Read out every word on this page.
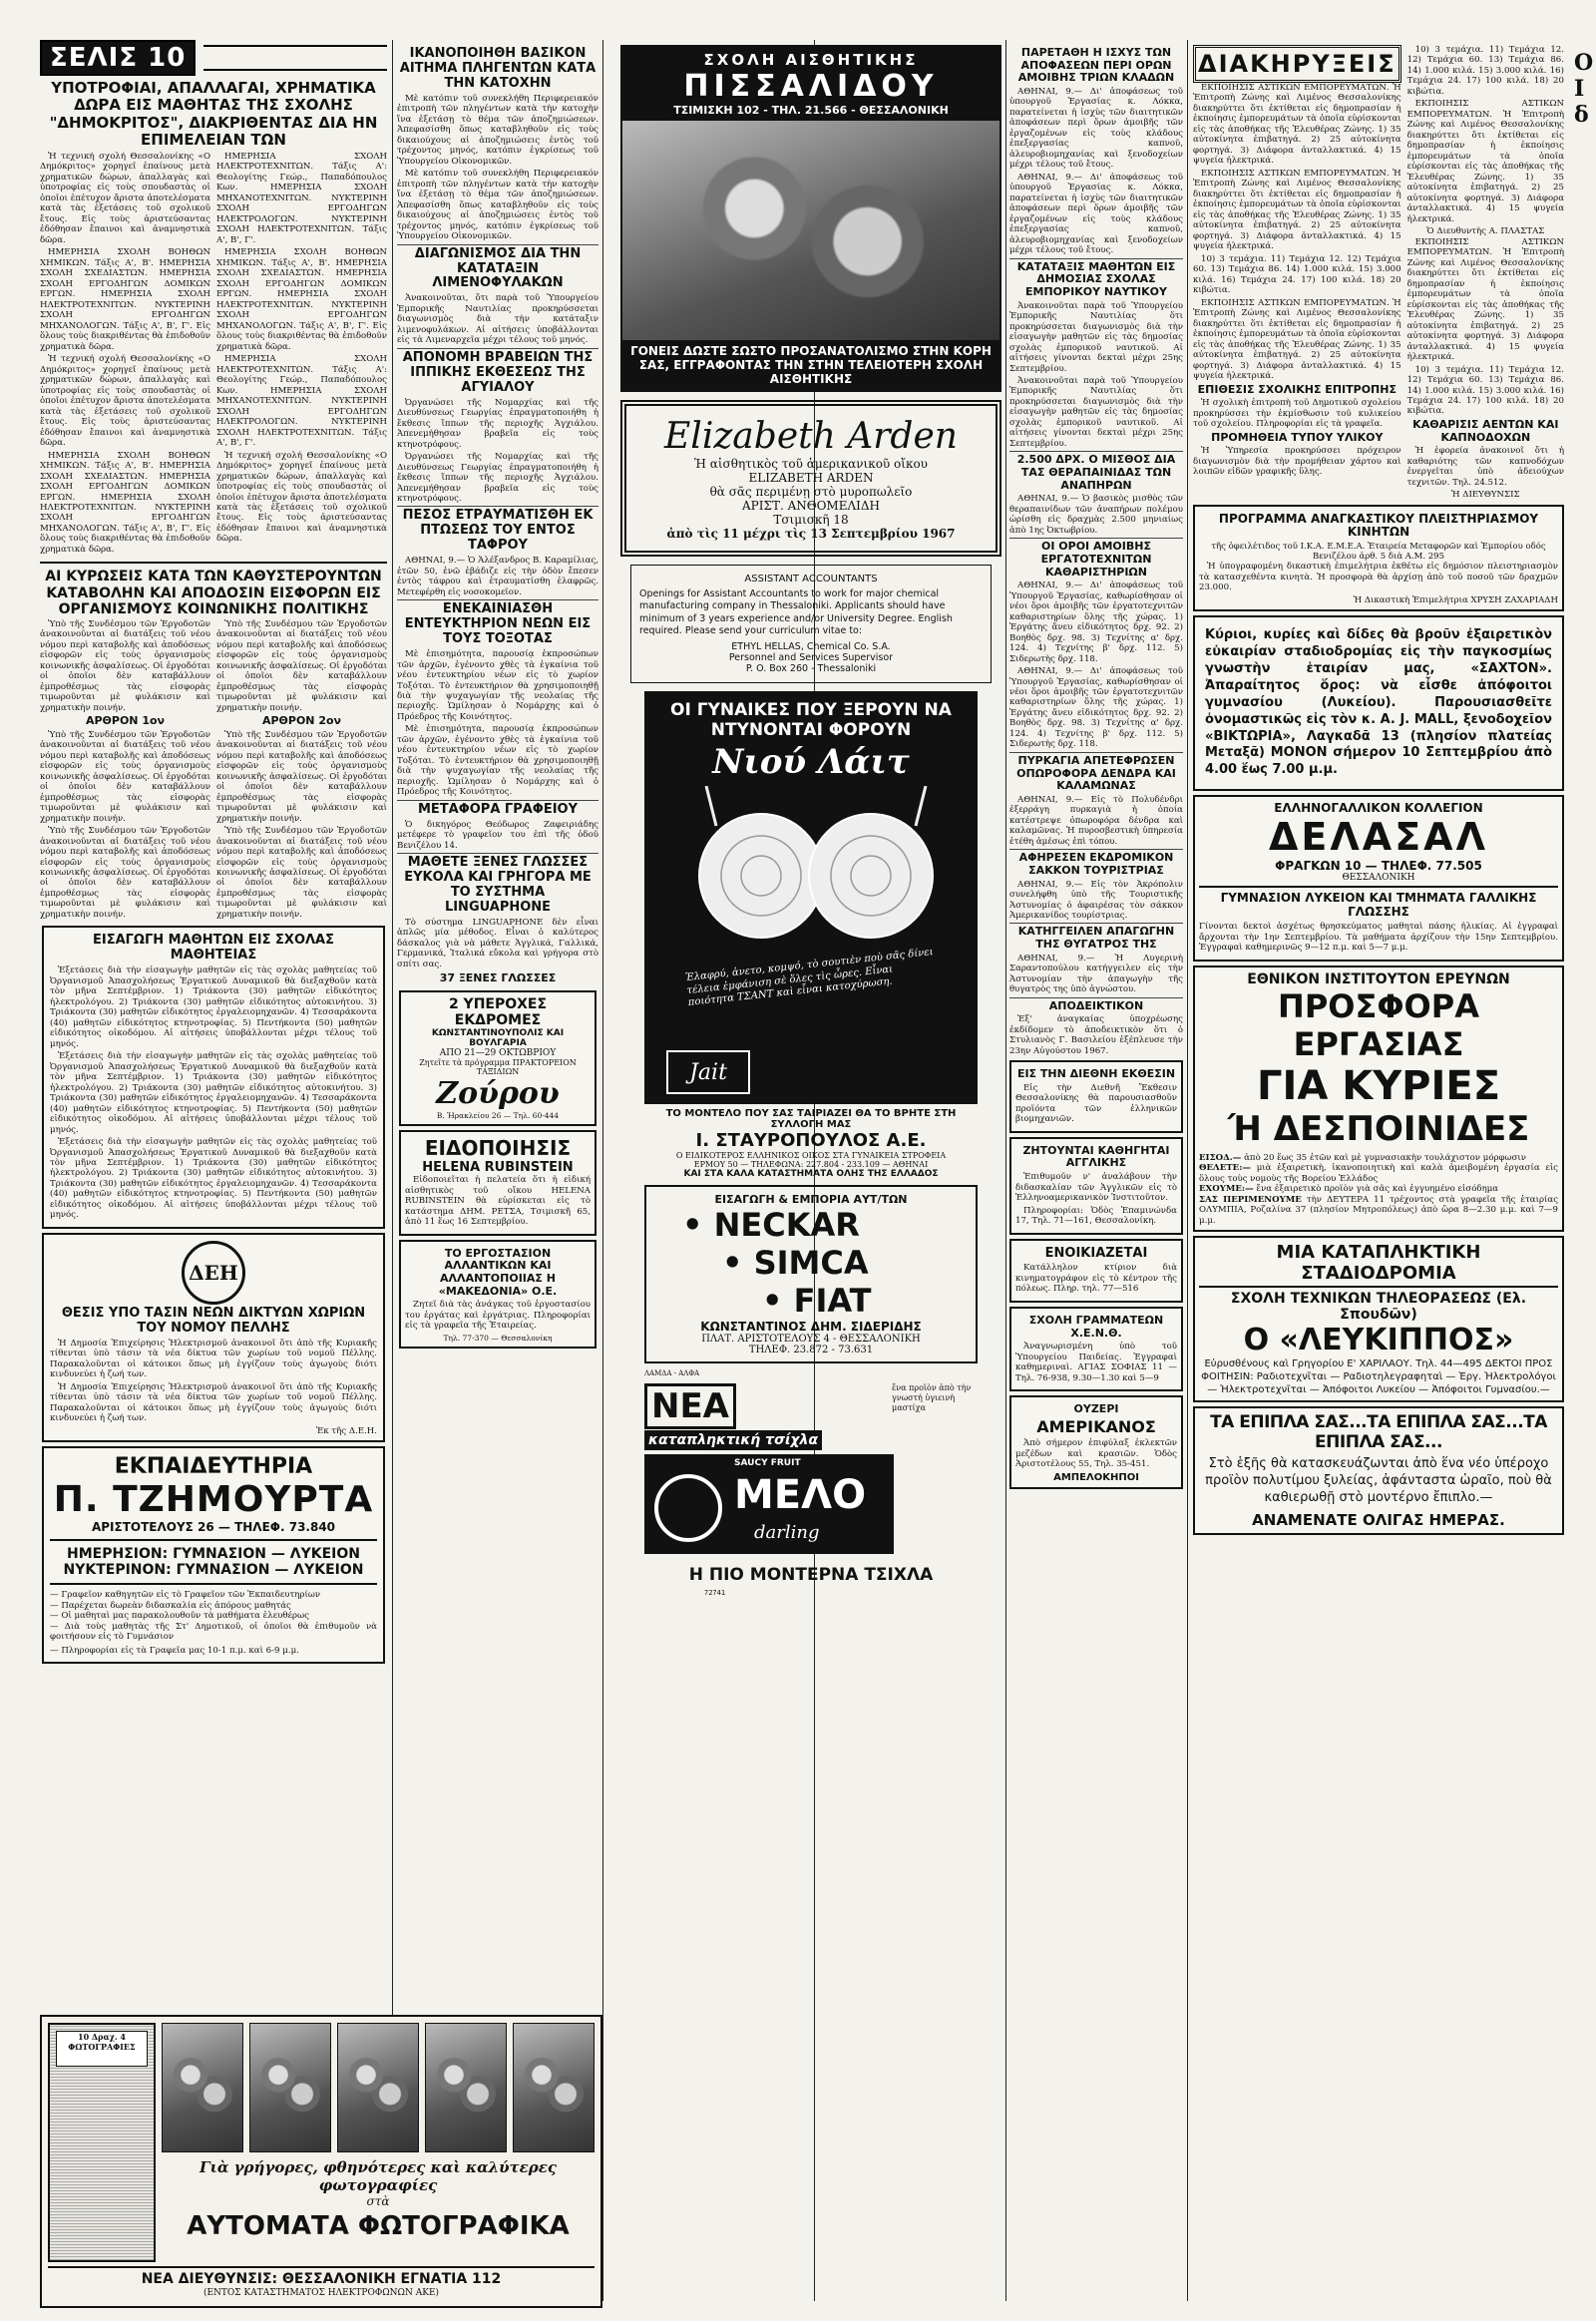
Ο Ι δ
ΣΕΛΙΣ 10
ΥΠΟΤΡΟΦΙΑΙ, ΑΠΑΛΛΑΓΑΙ, ΧΡΗΜΑΤΙΚΑ ΔΩΡΑ ΕΙΣ ΜΑΘΗΤΑΣ ΤΗΣ ΣΧΟΛΗΣ "ΔΗΜΟΚΡΙΤΟΣ", ΔΙΑΚΡΙΘΕΝΤΑΣ ΔΙΑ ΗΝ ΕΠΙΜΕΛΕΙΑΝ ΤΩΝ

Ἡ τεχνική σχολή Θεσσαλονίκης «Ο Δημόκριτος» χορηγεῖ ἐπαίνους μετὰ χρηματικῶν δώρων, ἀπαλλαγὰς καὶ ὑποτροφίας εἰς τοὺς σπουδαστὰς οἱ ὁποῖοι ἐπέτυχον ἄριστα ἀποτελέσματα κατὰ τὰς ἐξετάσεις τοῦ σχολικοῦ ἔτους. Εἰς τοὺς ἀριστεύσαντας ἐδόθησαν ἔπαινοι καὶ ἀναμνηστικὰ δῶρα.

ΗΜΕΡΗΣΙΑ ΣΧΟΛΗ ΒΟΗΘΩΝ ΧΗΜΙΚΩΝ. Τάξις Α', Β'. ΗΜΕΡΗΣΙΑ ΣΧΟΛΗ ΣΧΕΔΙΑΣΤΩΝ. ΗΜΕΡΗΣΙΑ ΣΧΟΛΗ ΕΡΓΟΔΗΓΩΝ ΔΟΜΙΚΩΝ ΕΡΓΩΝ. ΗΜΕΡΗΣΙΑ ΣΧΟΛΗ ΗΛΕΚΤΡΟΤΕΧΝΙΤΩΝ. ΝΥΚΤΕΡΙΝΗ ΣΧΟΛΗ ΕΡΓΟΔΗΓΩΝ ΜΗΧΑΝΟΛΟΓΩΝ. Τάξις Α', Β', Γ'. Εἰς ὅλους τοὺς διακριθέντας θὰ ἐπιδοθοῦν χρηματικὰ δῶρα.

Ἡ τεχνική σχολή Θεσσαλονίκης «Ο Δημόκριτος» χορηγεῖ ἐπαίνους μετὰ χρηματικῶν δώρων, ἀπαλλαγὰς καὶ ὑποτροφίας εἰς τοὺς σπουδαστὰς οἱ ὁποῖοι ἐπέτυχον ἄριστα ἀποτελέσματα κατὰ τὰς ἐξετάσεις τοῦ σχολικοῦ ἔτους. Εἰς τοὺς ἀριστεύσαντας ἐδόθησαν ἔπαινοι καὶ ἀναμνηστικὰ δῶρα.

ΗΜΕΡΗΣΙΑ ΣΧΟΛΗ ΒΟΗΘΩΝ ΧΗΜΙΚΩΝ. Τάξις Α', Β'. ΗΜΕΡΗΣΙΑ ΣΧΟΛΗ ΣΧΕΔΙΑΣΤΩΝ. ΗΜΕΡΗΣΙΑ ΣΧΟΛΗ ΕΡΓΟΔΗΓΩΝ ΔΟΜΙΚΩΝ ΕΡΓΩΝ. ΗΜΕΡΗΣΙΑ ΣΧΟΛΗ ΗΛΕΚΤΡΟΤΕΧΝΙΤΩΝ. ΝΥΚΤΕΡΙΝΗ ΣΧΟΛΗ ΕΡΓΟΔΗΓΩΝ ΜΗΧΑΝΟΛΟΓΩΝ. Τάξις Α', Β', Γ'. Εἰς ὅλους τοὺς διακριθέντας θὰ ἐπιδοθοῦν χρηματικὰ δῶρα.

ΗΜΕΡΗΣΙΑ ΣΧΟΛΗ ΗΛΕΚΤΡΟΤΕΧΝΙΤΩΝ. Τάξις Α': Θεολογίτης Γεώρ., Παπαδόπουλος Κων. ΗΜΕΡΗΣΙΑ ΣΧΟΛΗ ΜΗΧΑΝΟΤΕΧΝΙΤΩΝ. ΝΥΚΤΕΡΙΝΗ ΣΧΟΛΗ ΕΡΓΟΔΗΓΩΝ ΗΛΕΚΤΡΟΛΟΓΩΝ. ΝΥΚΤΕΡΙΝΗ ΣΧΟΛΗ ΗΛΕΚΤΡΟΤΕΧΝΙΤΩΝ. Τάξις Α', Β', Γ'.

ΗΜΕΡΗΣΙΑ ΣΧΟΛΗ ΒΟΗΘΩΝ ΧΗΜΙΚΩΝ. Τάξις Α', Β'. ΗΜΕΡΗΣΙΑ ΣΧΟΛΗ ΣΧΕΔΙΑΣΤΩΝ. ΗΜΕΡΗΣΙΑ ΣΧΟΛΗ ΕΡΓΟΔΗΓΩΝ ΔΟΜΙΚΩΝ ΕΡΓΩΝ. ΗΜΕΡΗΣΙΑ ΣΧΟΛΗ ΗΛΕΚΤΡΟΤΕΧΝΙΤΩΝ. ΝΥΚΤΕΡΙΝΗ ΣΧΟΛΗ ΕΡΓΟΔΗΓΩΝ ΜΗΧΑΝΟΛΟΓΩΝ. Τάξις Α', Β', Γ'. Εἰς ὅλους τοὺς διακριθέντας θὰ ἐπιδοθοῦν χρηματικὰ δῶρα.

ΗΜΕΡΗΣΙΑ ΣΧΟΛΗ ΗΛΕΚΤΡΟΤΕΧΝΙΤΩΝ. Τάξις Α': Θεολογίτης Γεώρ., Παπαδόπουλος Κων. ΗΜΕΡΗΣΙΑ ΣΧΟΛΗ ΜΗΧΑΝΟΤΕΧΝΙΤΩΝ. ΝΥΚΤΕΡΙΝΗ ΣΧΟΛΗ ΕΡΓΟΔΗΓΩΝ ΗΛΕΚΤΡΟΛΟΓΩΝ. ΝΥΚΤΕΡΙΝΗ ΣΧΟΛΗ ΗΛΕΚΤΡΟΤΕΧΝΙΤΩΝ. Τάξις Α', Β', Γ'.

Ἡ τεχνική σχολή Θεσσαλονίκης «Ο Δημόκριτος» χορηγεῖ ἐπαίνους μετὰ χρηματικῶν δώρων, ἀπαλλαγὰς καὶ ὑποτροφίας εἰς τοὺς σπουδαστὰς οἱ ὁποῖοι ἐπέτυχον ἄριστα ἀποτελέσματα κατὰ τὰς ἐξετάσεις τοῦ σχολικοῦ ἔτους. Εἰς τοὺς ἀριστεύσαντας ἐδόθησαν ἔπαινοι καὶ ἀναμνηστικὰ δῶρα.

ΑΙ ΚΥΡΩΣΕΙΣ ΚΑΤΑ ΤΩΝ ΚΑΘΥΣΤΕΡΟΥΝΤΩΝ ΚΑΤΑΒΟΛΗΝ ΚΑΙ ΑΠΟΔΟΣΙΝ ΕΙΣΦΟΡΩΝ ΕΙΣ ΟΡΓΑΝΙΣΜΟΥΣ ΚΟΙΝΩΝΙΚΗΣ ΠΟΛΙΤΙΚΗΣ

Ὑπὸ τῆς Συνδέσμου τῶν Ἐργοδοτῶν ἀνακοινοῦνται αἱ διατάξεις τοῦ νέου νόμου περὶ καταβολῆς καὶ ἀποδόσεως εἰσφορῶν εἰς τοὺς ὀργανισμοὺς κοινωνικῆς ἀσφαλίσεως. Οἱ ἐργοδόται οἱ ὁποῖοι δὲν καταβάλλουν ἐμπροθέσμως τὰς εἰσφορὰς τιμωροῦνται μὲ φυλάκισιν καὶ χρηματικὴν ποινήν.

ΑΡΘΡΟΝ 1ον

Ὑπὸ τῆς Συνδέσμου τῶν Ἐργοδοτῶν ἀνακοινοῦνται αἱ διατάξεις τοῦ νέου νόμου περὶ καταβολῆς καὶ ἀποδόσεως εἰσφορῶν εἰς τοὺς ὀργανισμοὺς κοινωνικῆς ἀσφαλίσεως. Οἱ ἐργοδόται οἱ ὁποῖοι δὲν καταβάλλουν ἐμπροθέσμως τὰς εἰσφορὰς τιμωροῦνται μὲ φυλάκισιν καὶ χρηματικὴν ποινήν.

Ὑπὸ τῆς Συνδέσμου τῶν Ἐργοδοτῶν ἀνακοινοῦνται αἱ διατάξεις τοῦ νέου νόμου περὶ καταβολῆς καὶ ἀποδόσεως εἰσφορῶν εἰς τοὺς ὀργανισμοὺς κοινωνικῆς ἀσφαλίσεως. Οἱ ἐργοδόται οἱ ὁποῖοι δὲν καταβάλλουν ἐμπροθέσμως τὰς εἰσφορὰς τιμωροῦνται μὲ φυλάκισιν καὶ χρηματικὴν ποινήν.

Ὑπὸ τῆς Συνδέσμου τῶν Ἐργοδοτῶν ἀνακοινοῦνται αἱ διατάξεις τοῦ νέου νόμου περὶ καταβολῆς καὶ ἀποδόσεως εἰσφορῶν εἰς τοὺς ὀργανισμοὺς κοινωνικῆς ἀσφαλίσεως. Οἱ ἐργοδόται οἱ ὁποῖοι δὲν καταβάλλουν ἐμπροθέσμως τὰς εἰσφορὰς τιμωροῦνται μὲ φυλάκισιν καὶ χρηματικὴν ποινήν.

ΑΡΘΡΟΝ 2ον

Ὑπὸ τῆς Συνδέσμου τῶν Ἐργοδοτῶν ἀνακοινοῦνται αἱ διατάξεις τοῦ νέου νόμου περὶ καταβολῆς καὶ ἀποδόσεως εἰσφορῶν εἰς τοὺς ὀργανισμοὺς κοινωνικῆς ἀσφαλίσεως. Οἱ ἐργοδόται οἱ ὁποῖοι δὲν καταβάλλουν ἐμπροθέσμως τὰς εἰσφορὰς τιμωροῦνται μὲ φυλάκισιν καὶ χρηματικὴν ποινήν.

Ὑπὸ τῆς Συνδέσμου τῶν Ἐργοδοτῶν ἀνακοινοῦνται αἱ διατάξεις τοῦ νέου νόμου περὶ καταβολῆς καὶ ἀποδόσεως εἰσφορῶν εἰς τοὺς ὀργανισμοὺς κοινωνικῆς ἀσφαλίσεως. Οἱ ἐργοδόται οἱ ὁποῖοι δὲν καταβάλλουν ἐμπροθέσμως τὰς εἰσφορὰς τιμωροῦνται μὲ φυλάκισιν καὶ χρηματικὴν ποινήν.

ΕΙΣΑΓΩΓΗ ΜΑΘΗΤΩΝ ΕΙΣ ΣΧΟΛΑΣ ΜΑΘΗΤΕΙΑΣ

Ἐξετάσεις διὰ τὴν εἰσαγωγὴν μαθητῶν εἰς τὰς σχολὰς μαθητείας τοῦ Ὀργανισμοῦ Ἀπασχολήσεως Ἐργατικοῦ Δυναμικοῦ θὰ διεξαχθοῦν κατὰ τὸν μῆνα Σεπτέμβριον. 1) Τριάκοντα (30) μαθητῶν εἰδικότητος ἠλεκτρολόγου. 2) Τριάκοντα (30) μαθητῶν εἰδικότητος αὐτοκινήτου. 3) Τριάκοντα (30) μαθητῶν εἰδικότητος ἐργαλειομηχανῶν. 4) Τεσσαράκοντα (40) μαθητῶν εἰδικότητος κτηνοτροφίας. 5) Πεντήκοντα (50) μαθητῶν εἰδικότητος οἰκοδόμου. Αἱ αἰτήσεις ὑποβάλλονται μέχρι τέλους τοῦ μηνός.

Ἐξετάσεις διὰ τὴν εἰσαγωγὴν μαθητῶν εἰς τὰς σχολὰς μαθητείας τοῦ Ὀργανισμοῦ Ἀπασχολήσεως Ἐργατικοῦ Δυναμικοῦ θὰ διεξαχθοῦν κατὰ τὸν μῆνα Σεπτέμβριον. 1) Τριάκοντα (30) μαθητῶν εἰδικότητος ἠλεκτρολόγου. 2) Τριάκοντα (30) μαθητῶν εἰδικότητος αὐτοκινήτου. 3) Τριάκοντα (30) μαθητῶν εἰδικότητος ἐργαλειομηχανῶν. 4) Τεσσαράκοντα (40) μαθητῶν εἰδικότητος κτηνοτροφίας. 5) Πεντήκοντα (50) μαθητῶν εἰδικότητος οἰκοδόμου. Αἱ αἰτήσεις ὑποβάλλονται μέχρι τέλους τοῦ μηνός.

Ἐξετάσεις διὰ τὴν εἰσαγωγὴν μαθητῶν εἰς τὰς σχολὰς μαθητείας τοῦ Ὀργανισμοῦ Ἀπασχολήσεως Ἐργατικοῦ Δυναμικοῦ θὰ διεξαχθοῦν κατὰ τὸν μῆνα Σεπτέμβριον. 1) Τριάκοντα (30) μαθητῶν εἰδικότητος ἠλεκτρολόγου. 2) Τριάκοντα (30) μαθητῶν εἰδικότητος αὐτοκινήτου. 3) Τριάκοντα (30) μαθητῶν εἰδικότητος ἐργαλειομηχανῶν. 4) Τεσσαράκοντα (40) μαθητῶν εἰδικότητος κτηνοτροφίας. 5) Πεντήκοντα (50) μαθητῶν εἰδικότητος οἰκοδόμου. Αἱ αἰτήσεις ὑποβάλλονται μέχρι τέλους τοῦ μηνός.

ΔΕΗ
ΘΕΣΙΣ ΥΠΟ ΤΑΣΙΝ ΝΕΩΝ ΔΙΚΤΥΩΝ ΧΩΡΙΩΝ ΤΟΥ ΝΟΜΟΥ ΠΕΛΛΗΣ

Ἡ Δημοσία Ἐπιχείρησις Ἠλεκτρισμοῦ ἀνακοινοῖ ὅτι ἀπὸ τῆς Κυριακῆς τίθενται ὑπὸ τάσιν τὰ νέα δίκτυα τῶν χωρίων τοῦ νομοῦ Πέλλης. Παρακαλοῦνται οἱ κάτοικοι ὅπως μὴ ἐγγίζουν τοὺς ἀγωγοὺς διότι κινδυνεύει ἡ ζωή των.

Ἡ Δημοσία Ἐπιχείρησις Ἠλεκτρισμοῦ ἀνακοινοῖ ὅτι ἀπὸ τῆς Κυριακῆς τίθενται ὑπὸ τάσιν τὰ νέα δίκτυα τῶν χωρίων τοῦ νομοῦ Πέλλης. Παρακαλοῦνται οἱ κάτοικοι ὅπως μὴ ἐγγίζουν τοὺς ἀγωγοὺς διότι κινδυνεύει ἡ ζωή των.

Ἐκ τῆς Δ.Ε.Η.
ΕΚΠΑΙΔΕΥΤΗΡΙΑ
Π. ΤΖΗΜΟΥΡΤΑ
ΑΡΙΣΤΟΤΕΛΟΥΣ 26 — ΤΗΛΕΦ. 73.840
ΗΜΕΡΗΣΙΟΝ: ΓΥΜΝΑΣΙΟΝ — ΛΥΚΕΙΟΝ
ΝΥΚΤΕΡΙΝΟΝ: ΓΥΜΝΑΣΙΟΝ — ΛΥΚΕΙΟΝ
— Γραφεῖον καθηγητῶν εἰς τὸ Γραφεῖον τῶν Ἐκπαιδευτηρίων
— Παρέχεται δωρεὰν διδασκαλία εἰς ἀπόρους μαθητάς
— Οἱ μαθηταὶ μας παρακολουθοῦν τὰ μαθήματα ἐλευθέρως
— Διὰ τοὺς μαθητὰς τῆς Στ' Δημοτικοῦ, οἱ ὁποῖοι θὰ ἐπιθυμοῦν νὰ φοιτήσουν εἰς τὸ Γυμνάσιον
— Πληροφορίαι εἰς τὰ Γραφεῖα μας 10-1 π.μ. καὶ 6-9 μ.μ.
10 Δραχ. 4 ΦΩΤΟΓΡΑΦΙΕΣ
Γιὰ γρήγορες, φθηνότερες καὶ καλύτερες φωτογραφίες
στὰ
ΑΥΤΟΜΑΤΑ ΦΩΤΟΓΡΑΦΙΚΑ
ΝΕΑ ΔΙΕΥΘΥΝΣΙΣ: ΘΕΣΣΑΛΟΝΙΚΗ ΕΓΝΑΤΙΑ 112
(ΕΝΤΟΣ ΚΑΤΑΣΤΗΜΑΤΟΣ ΗΛΕΚΤΡΟΦΩΝΩΝ ΑΚΕ)
ΙΚΑΝΟΠΟΙΗΘΗ ΒΑΣΙΚΟΝ ΑΙΤΗΜΑ ΠΛΗΓΕΝΤΩΝ ΚΑΤΑ ΤΗΝ ΚΑΤΟΧΗΝ

Μὲ κατόπιν τοῦ συνεκλήθη Περιφερειακόν ἐπιτροπὴ τῶν πληγέντων κατὰ τὴν κατοχὴν ἵνα ἐξετάσῃ τὸ θέμα τῶν ἀποζημιώσεων. Ἀπεφασίσθη ὅπως καταβληθοῦν εἰς τοὺς δικαιούχους αἱ ἀποζημιώσεις ἐντὸς τοῦ τρέχοντος μηνός, κατόπιν ἐγκρίσεως τοῦ Ὑπουργείου Οἰκονομικῶν.

Μὲ κατόπιν τοῦ συνεκλήθη Περιφερειακόν ἐπιτροπὴ τῶν πληγέντων κατὰ τὴν κατοχὴν ἵνα ἐξετάσῃ τὸ θέμα τῶν ἀποζημιώσεων. Ἀπεφασίσθη ὅπως καταβληθοῦν εἰς τοὺς δικαιούχους αἱ ἀποζημιώσεις ἐντὸς τοῦ τρέχοντος μηνός, κατόπιν ἐγκρίσεως τοῦ Ὑπουργείου Οἰκονομικῶν.

ΔΙΑΓΩΝΙΣΜΟΣ ΔΙΑ ΤΗΝ ΚΑΤΑΤΑΞΙΝ ΛΙΜΕΝΟΦΥΛΑΚΩΝ

Ἀνακοινοῦται, ὅτι παρὰ τοῦ Ὑπουργείου Ἐμπορικῆς Ναυτιλίας προκηρύσσεται διαγωνισμὸς διὰ τὴν κατάταξιν λιμενοφυλάκων. Αἱ αἰτήσεις ὑποβάλλονται εἰς τὰ Λιμεναρχεῖα μέχρι τέλους τοῦ μηνός.

ΑΠΟΝΟΜΗ ΒΡΑΒΕΙΩΝ ΤΗΣ ΙΠΠΙΚΗΣ ΕΚΘΕΣΕΩΣ ΤΗΣ ΑΓΥΙΑΛΟΥ

Ὀργανώσει τῆς Νομαρχίας καὶ τῆς Διευθύνσεως Γεωργίας ἐπραγματοποιήθη ἡ ἔκθεσις ἵππων τῆς περιοχῆς Ἀγχιάλου. Ἀπενεμήθησαν βραβεῖα εἰς τοὺς κτηνοτρόφους.

Ὀργανώσει τῆς Νομαρχίας καὶ τῆς Διευθύνσεως Γεωργίας ἐπραγματοποιήθη ἡ ἔκθεσις ἵππων τῆς περιοχῆς Ἀγχιάλου. Ἀπενεμήθησαν βραβεῖα εἰς τοὺς κτηνοτρόφους.

ΠΕΣΟΣ ΕΤΡΑΥΜΑΤΙΣΘΗ ΕΚ ΠΤΩΣΕΩΣ ΤΟΥ ΕΝΤΟΣ ΤΑΦΡΟΥ

ΑΘΗΝΑΙ, 9.— Ὁ Ἀλέξανδρος Β. Καραμίλιας, ἐτῶν 50, ἐνῶ ἐβάδιζε εἰς τὴν ὁδὸν ἔπεσεν ἐντὸς τάφρου καὶ ἐτραυματίσθη ἐλαφρῶς. Μετεφέρθη εἰς νοσοκομεῖον.

ΕΝΕΚΑΙΝΙΑΣΘΗ ΕΝΤΕΥΚΤΗΡΙΟΝ ΝΕΩΝ ΕΙΣ ΤΟΥΣ ΤΟΞΟΤΑΣ

Μὲ ἐπισημότητα, παρουσίᾳ ἐκπροσώπων τῶν ἀρχῶν, ἐγένοντο χθὲς τὰ ἐγκαίνια τοῦ νέου ἐντευκτηρίου νέων εἰς τὸ χωρίον Τοξόται. Τὸ ἐντευκτήριον θὰ χρησιμοποιηθῇ διὰ τὴν ψυχαγωγίαν τῆς νεολαίας τῆς περιοχῆς. Ὡμίλησαν ὁ Νομάρχης καὶ ὁ Πρόεδρος τῆς Κοινότητος.

Μὲ ἐπισημότητα, παρουσίᾳ ἐκπροσώπων τῶν ἀρχῶν, ἐγένοντο χθὲς τὰ ἐγκαίνια τοῦ νέου ἐντευκτηρίου νέων εἰς τὸ χωρίον Τοξόται. Τὸ ἐντευκτήριον θὰ χρησιμοποιηθῇ διὰ τὴν ψυχαγωγίαν τῆς νεολαίας τῆς περιοχῆς. Ὡμίλησαν ὁ Νομάρχης καὶ ὁ Πρόεδρος τῆς Κοινότητος.

ΜΕΤΑΦΟΡΑ ΓΡΑΦΕΙΟΥ

Ὁ δικηγόρος Θεόδωρος Ζαφειριάδης μετέφερε τὸ γραφεῖον του ἐπὶ τῆς ὁδοῦ Βενιζέλου 14.

ΜΑΘΕΤΕ ΞΕΝΕΣ ΓΛΩΣΣΕΣ ΕΥΚΟΛΑ ΚΑΙ ΓΡΗΓΟΡΑ ΜΕ ΤΟ ΣΥΣΤΗΜΑ LINGUAPHONE

Τὸ σύστημα LINGUAPHONE δὲν εἶναι ἁπλῶς μία μέθοδος. Εἶναι ὁ καλύτερος δάσκαλος γιὰ νὰ μάθετε Ἀγγλικά, Γαλλικά, Γερμανικά, Ἰταλικά εὔκολα καὶ γρήγορα στὸ σπίτι σας.

37 ΞΕΝΕΣ ΓΛΩΣΣΕΣ
2 ΥΠΕΡΟΧΕΣ ΕΚΔΡΟΜΕΣ
ΚΩΝΣΤΑΝΤΙΝΟΥΠΟΛΙΣ ΚΑΙ ΒΟΥΛΓΑΡΙΑ
ΑΠΟ 21—29 ΟΚΤΩΒΡΙΟΥ
Ζητεῖτε τὰ πρόγραμμα ΠΡΑΚΤΟΡΕΙΟΝ ΤΑΞΙΔΙΩΝ
Ζούρου
Β. Ἡρακλείου 26 — Τηλ. 60-444
ΕΙΔΟΠΟΙΗΣΙΣ
HELENA RUBINSTEIN

Εἰδοποιεῖται ἡ πελατεία ὅτι ἡ εἰδική αἰσθητικὸς τοῦ οἴκου HELENA RUBINSTEIN θὰ εὑρίσκεται εἰς τὸ κατάστημα ΔΗΜ. ΡΕΤΣΑ, Τσιμισκῆ 65, ἀπὸ 11 ἕως 16 Σεπτεμβρίου.

ΤΟ ΕΡΓΟΣΤΑΣΙΟΝ ΑΛΛΑΝΤΙΚΩΝ ΚΑΙ ΑΛΛΑΝΤΟΠΟΙΙΑΣ Η «ΜΑΚΕΔΟΝΙΑ» Ο.Ε.

Ζητεῖ διὰ τὰς ἀνάγκας τοῦ ἐργοστασίου του ἐργάτας καὶ ἐργάτριας. Πληροφορίαι εἰς τὰ γραφεῖα τῆς Ἑταιρείας.

Τηλ. 77-370 — Θεσσαλονίκη
ΣΧΟΛΗ ΑΙΣΘΗΤΙΚΗΣ
ΠΙΣΣΑΛΙΔΟΥ
ΤΣΙΜΙΣΚΗ 102 - ΤΗΛ. 21.566 - ΘΕΣΣΑΛΟΝΙΚΗ
ΓΟΝΕΙΣ ΔΩΣΤΕ ΣΩΣΤΟ ΠΡΟΣΑΝΑΤΟΛΙΣΜΟ ΣΤΗΝ ΚΟΡΗ ΣΑΣ, ΕΓΓΡΑΦΟΝΤΑΣ ΤΗΝ ΣΤΗΝ ΤΕΛΕΙΟΤΕΡΗ ΣΧΟΛΗ ΑΙΣΘΗΤΙΚΗΣ
Elizabeth Arden
Ἡ αἰσθητικὸς τοῦ ἀμερικανικοῦ οἴκου
ELIZABETH ARDEN
θὰ σᾶς περιμένῃ στὸ μυροπωλεῖο
ΑΡΙΣΤ. ΑΝΘΟΜΕΛΙΔΗ
Τσιμισκῆ 18
ἀπὸ τὶς 11 μέχρι τὶς 13 Σεπτεμβρίου 1967
ASSISTANT ACCOUNTANTS
Openings for Assistant Accountants to work for major chemical manufacturing company in Thessaloniki. Applicants should have minimum of 3 years experience and/or University Degree. English required. Please send your curriculum vitae to:
ETHYL HELLAS, Chemical Co. S.A.
Personnel and Services Supervisor
P. O. Box 260 - Thessaloniki
ΟΙ ΓΥΝΑΙΚΕΣ ΠΟΥ ΞΕΡΟΥΝ ΝΑ ΝΤΥΝΟΝΤΑΙ ΦΟΡΟΥΝ
Νιού Λάιτ
Ἐλαφρύ, ἀνετο, κομψό, τὸ σουτιὲν ποὺ σᾶς δίνει τέλεια ἐμφάνιση σὲ ὅλες τὶς ὧρες. Εἶναι ποιότητα ΤΣΑΝΤ καὶ εἶναι κατοχύρωση.
Jait
ΤΟ ΜΟΝΤΕΛΟ ΠΟΥ ΣΑΣ ΤΑΙΡΙΑΖΕΙ ΘΑ ΤΟ ΒΡΗΤΕ ΣΤΗ ΣΥΛΛΟΓΗ ΜΑΣ
Ι. ΣΤΑΥΡΟΠΟΥΛΟΣ Α.Ε.
Ο ΕΙΔΙΚΟΤΕΡΟΣ ΕΛΛΗΝΙΚΟΣ ΟΙΚΟΣ ΣΤΑ ΓΥΝΑΙΚΕΙΑ ΣΤΡΟΦΕΙΑ
ΕΡΜΟΥ 50 — ΤΗΛΕΦΩΝΑ: 227.804 - 233.109 — ΑΘΗΝΑΙ
ΚΑΙ ΣΤΑ ΚΑΛΑ ΚΑΤΑΣΤΗΜΑΤΑ ΟΛΗΣ ΤΗΣ ΕΛΛΑΔΟΣ
ΕΙΣΑΓΩΓΗ & ΕΜΠΟΡΙΑ ΑΥΤ/ΤΩΝ
• NECKAR
• SIMCA
• FIAT
ΚΩΝΣΤΑΝΤΙΝΟΣ ΔΗΜ. ΣΙΔΕΡΙΔΗΣ
ΠΛΑΤ. ΑΡΙΣΤΟΤΕΛΟΥΣ 4 - ΘΕΣΣΑΛΟΝΙΚΗ
ΤΗΛΕΦ. 23.872 - 73.631
ΛΑΜΔΑ - ΑΛΦΑ
ΝΕΑ καταπληκτική τσίχλα
SAUCY FRUIT
ΜΕΛΟ
darling
ἕνα προϊὸν ἀπὸ τὴν γνωστή ὑγιεινὴ μαστίχα
Η ΠΙΟ ΜΟΝΤΕΡΝΑ ΤΣΙΧΛΑ
72741
ΠΑΡΕΤΑΘΗ Η ΙΣΧΥΣ ΤΩΝ ΑΠΟΦΑΣΕΩΝ ΠΕΡΙ ΟΡΩΝ ΑΜΟΙΒΗΣ ΤΡΙΩΝ ΚΛΑΔΩΝ

ΑΘΗΝΑΙ, 9.— Δι' ἀποφάσεως τοῦ ὑπουργοῦ Ἐργασίας κ. Λόκκα, παρατείνεται ἡ ἰσχὺς τῶν διαιτητικῶν ἀποφάσεων περὶ ὅρων ἀμοιβῆς τῶν ἐργαζομένων εἰς τοὺς κλάδους ἐπεξεργασίας καπνοῦ, ἀλευροβιομηχανίας καὶ ξενοδοχείων μέχρι τέλους τοῦ ἔτους.

ΑΘΗΝΑΙ, 9.— Δι' ἀποφάσεως τοῦ ὑπουργοῦ Ἐργασίας κ. Λόκκα, παρατείνεται ἡ ἰσχὺς τῶν διαιτητικῶν ἀποφάσεων περὶ ὅρων ἀμοιβῆς τῶν ἐργαζομένων εἰς τοὺς κλάδους ἐπεξεργασίας καπνοῦ, ἀλευροβιομηχανίας καὶ ξενοδοχείων μέχρι τέλους τοῦ ἔτους.

ΚΑΤΑΤΑΞΙΣ ΜΑΘΗΤΩΝ ΕΙΣ ΔΗΜΟΣΙΑΣ ΣΧΟΛΑΣ ΕΜΠΟΡΙΚΟΥ ΝΑΥΤΙΚΟΥ

Ἀνακοινοῦται παρὰ τοῦ Ὑπουργείου Ἐμπορικῆς Ναυτιλίας ὅτι προκηρύσσεται διαγωνισμὸς διὰ τὴν εἰσαγωγὴν μαθητῶν εἰς τὰς δημοσίας σχολὰς ἐμπορικοῦ ναυτικοῦ. Αἱ αἰτήσεις γίνονται δεκταὶ μέχρι 25ης Σεπτεμβρίου.

Ἀνακοινοῦται παρὰ τοῦ Ὑπουργείου Ἐμπορικῆς Ναυτιλίας ὅτι προκηρύσσεται διαγωνισμὸς διὰ τὴν εἰσαγωγὴν μαθητῶν εἰς τὰς δημοσίας σχολὰς ἐμπορικοῦ ναυτικοῦ. Αἱ αἰτήσεις γίνονται δεκταὶ μέχρι 25ης Σεπτεμβρίου.

2.500 ΔΡΧ. Ο ΜΙΣΘΟΣ ΔΙΑ ΤΑΣ ΘΕΡΑΠΑΙΝΙΔΑΣ ΤΩΝ ΑΝΑΠΗΡΩΝ

ΑΘΗΝΑΙ, 9.— Ὁ βασικὸς μισθὸς τῶν θεραπαινίδων τῶν ἀναπήρων πολέμου ὡρίσθη εἰς δραχμὰς 2.500 μηνιαίως ἀπὸ 1ης Ὀκτωβρίου.

ΟΙ ΟΡΟΙ ΑΜΟΙΒΗΣ ΕΡΓΑΤΟΤΕΧΝΙΤΩΝ ΚΑΘΑΡΙΣΤΗΡΙΩΝ

ΑΘΗΝΑΙ, 9.— Δι' ἀποφάσεως τοῦ Ὑπουργοῦ Ἐργασίας, καθωρίσθησαν οἱ νέοι ὅροι ἀμοιβῆς τῶν ἐργατοτεχνιτῶν καθαριστηρίων ὅλης τῆς χώρας. 1) Ἐργάτης ἄνευ εἰδικότητος δρχ. 92. 2) Βοηθὸς δρχ. 98. 3) Τεχνίτης α' δρχ. 124. 4) Τεχνίτης β' δρχ. 112. 5) Σιδερωτὴς δρχ. 118.

ΑΘΗΝΑΙ, 9.— Δι' ἀποφάσεως τοῦ Ὑπουργοῦ Ἐργασίας, καθωρίσθησαν οἱ νέοι ὅροι ἀμοιβῆς τῶν ἐργατοτεχνιτῶν καθαριστηρίων ὅλης τῆς χώρας. 1) Ἐργάτης ἄνευ εἰδικότητος δρχ. 92. 2) Βοηθὸς δρχ. 98. 3) Τεχνίτης α' δρχ. 124. 4) Τεχνίτης β' δρχ. 112. 5) Σιδερωτὴς δρχ. 118.

ΠΥΡΚΑΓΙΑ ΑΠΕΤΕΦΡΩΣΕΝ ΟΠΩΡΟΦΟΡΑ ΔΕΝΔΡΑ ΚΑΙ ΚΑΛΑΜΩΝΑΣ

ΑΘΗΝΑΙ, 9.— Εἰς τὸ Πολυδένδρι ἐξερράγη πυρκαγιὰ ἡ ὁποία κατέστρεψε ὀπωροφόρα δένδρα καὶ καλαμῶνας. Ἡ πυροσβεστικὴ ὑπηρεσία ἐτέθη ἀμέσως ἐπὶ τόπου.

ΑΦΗΡΕΣΕΝ ΕΚΔΡΟΜΙΚΟΝ ΣΑΚΚΟΝ ΤΟΥΡΙΣΤΡΙΑΣ

ΑΘΗΝΑΙ, 9.— Εἰς τὸν Ἀκρόπολιν συνελήφθη ὑπὸ τῆς Τουριστικῆς Ἀστυνομίας ὁ ἀφαιρέσας τὸν σάκκον Ἀμερικανίδος τουρίστριας.

ΚΑΤΗΓΓΕΙΛΕΝ ΑΠΑΓΩΓΗΝ ΤΗΣ ΘΥΓΑΤΡΟΣ ΤΗΣ

ΑΘΗΝΑΙ, 9.— Ἡ Λυγερινὴ Σαραντοπούλου κατήγγειλεν εἰς τὴν Ἀστυνομίαν τὴν ἀπαγωγὴν τῆς θυγατρὸς της ὑπὸ ἀγνώστου.

ΑΠΟΔΕΙΚΤΙΚΟΝ

Ἐξ' ἀναγκαίας ὑποχρέωσης ἐκδίδομεν τὸ ἀποδεικτικὸν ὅτι ὁ Στυλιανὸς Γ. Βασιλείου ἐξέπλευσε τὴν 23ην Αὐγούστου 1967.

ΕΙΣ ΤΗΝ ΔΙΕΘΝΗ ΕΚΘΕΣΙΝ

Εἰς τὴν Διεθνῆ Ἔκθεσιν Θεσσαλονίκης θὰ παρουσιασθοῦν προϊόντα τῶν ἑλληνικῶν βιομηχανιῶν.

ΖΗΤΟΥΝΤΑΙ ΚΑΘΗΓΗΤΑΙ ΑΓΓΛΙΚΗΣ

Ἐπιθυμοῦν ν' ἀναλάβουν τὴν διδασκαλίαν τῶν Ἀγγλικῶν εἰς τὸ Ἑλληνοαμερικανικὸν Ἰνστιτοῦτον.

Πληροφορίαι: Ὁδὸς Ἐπαμινώνδα 17, Τηλ. 71—161, Θεσσαλονίκη.

ΕΝΟΙΚΙΑΖΕΤΑΙ

Κατάλληλον κτίριον διὰ κινηματογράφον εἰς τὸ κέντρον τῆς πόλεως. Πληρ. τηλ. 77—516

ΣΧΟΛΗ ΓΡΑΜΜΑΤΕΩΝ Χ.Ε.Ν.Θ.

Ἀναγνωρισμένη ὑπὸ τοῦ Ὑπουργείου Παιδείας. Ἐγγραφαὶ καθημεριναὶ. ΑΓΙΑΣ ΣΟΦΙΑΣ 11 — Τηλ. 76-938, 9.30—1.30 καὶ 5—9

ΟΥΖΕΡΙ
ΑΜΕΡΙΚΑΝΟΣ

Ἀπὸ σήμερον ἐπιφύλαξ ἐκλεκτῶν μεζέδων καὶ κρασιῶν. Ὁδὸς Ἀριστοτέλους 55, Τηλ. 35-451.

ΑΜΠΕΛΟΚΗΠΟΙ
ΔΙΑΚΗΡΥΞΕΙΣ

ΕΚΠΟΙΗΣΙΣ ΑΣΤΙΚΩΝ ΕΜΠΟΡΕΥΜΑΤΩΝ. Ἡ Ἐπιτροπὴ Ζώνης καὶ Λιμένος Θεσσαλονίκης διακηρύττει ὅτι ἐκτίθεται εἰς δημοπρασίαν ἡ ἐκποίησις ἐμπορευμάτων τὰ ὁποῖα εὑρίσκονται εἰς τὰς ἀποθήκας τῆς Ἐλευθέρας Ζώνης. 1) 35 αὐτοκίνητα ἐπιβατηγά. 2) 25 αὐτοκίνητα φορτηγά. 3) Διάφορα ἀνταλλακτικά. 4) 15 ψυγεία ἠλεκτρικά.

ΕΚΠΟΙΗΣΙΣ ΑΣΤΙΚΩΝ ΕΜΠΟΡΕΥΜΑΤΩΝ. Ἡ Ἐπιτροπὴ Ζώνης καὶ Λιμένος Θεσσαλονίκης διακηρύττει ὅτι ἐκτίθεται εἰς δημοπρασίαν ἡ ἐκποίησις ἐμπορευμάτων τὰ ὁποῖα εὑρίσκονται εἰς τὰς ἀποθήκας τῆς Ἐλευθέρας Ζώνης. 1) 35 αὐτοκίνητα ἐπιβατηγά. 2) 25 αὐτοκίνητα φορτηγά. 3) Διάφορα ἀνταλλακτικά. 4) 15 ψυγεία ἠλεκτρικά.

10) 3 τεμάχια. 11) Τεμάχια 12. 12) Τεμάχια 60. 13) Τεμάχια 86. 14) 1.000 κιλά. 15) 3.000 κιλά. 16) Τεμάχια 24. 17) 100 κιλά. 18) 20 κιβώτια.

ΕΚΠΟΙΗΣΙΣ ΑΣΤΙΚΩΝ ΕΜΠΟΡΕΥΜΑΤΩΝ. Ἡ Ἐπιτροπὴ Ζώνης καὶ Λιμένος Θεσσαλονίκης διακηρύττει ὅτι ἐκτίθεται εἰς δημοπρασίαν ἡ ἐκποίησις ἐμπορευμάτων τὰ ὁποῖα εὑρίσκονται εἰς τὰς ἀποθήκας τῆς Ἐλευθέρας Ζώνης. 1) 35 αὐτοκίνητα ἐπιβατηγά. 2) 25 αὐτοκίνητα φορτηγά. 3) Διάφορα ἀνταλλακτικά. 4) 15 ψυγεία ἠλεκτρικά.

ΕΠΙΘΕΣΙΣ ΣΧΟΛΙΚΗΣ ΕΠΙΤΡΟΠΗΣ

Ἡ σχολικὴ ἐπιτροπὴ τοῦ Δημοτικοῦ σχολείου προκηρύσσει τὴν ἐκμίσθωσιν τοῦ κυλικείου τοῦ σχολείου. Πληροφορίαι εἰς τὰ γραφεῖα.

ΠΡΟΜΗΘΕΙΑ ΤΥΠΟΥ ΥΛΙΚΟΥ

Ἡ Ὑπηρεσία προκηρύσσει πρόχειρον διαγωνισμὸν διὰ τὴν προμήθειαν χάρτου καὶ λοιπῶν εἰδῶν γραφικῆς ὕλης.

10) 3 τεμάχια. 11) Τεμάχια 12. 12) Τεμάχια 60. 13) Τεμάχια 86. 14) 1.000 κιλά. 15) 3.000 κιλά. 16) Τεμάχια 24. 17) 100 κιλά. 18) 20 κιβώτια.

ΕΚΠΟΙΗΣΙΣ ΑΣΤΙΚΩΝ ΕΜΠΟΡΕΥΜΑΤΩΝ. Ἡ Ἐπιτροπὴ Ζώνης καὶ Λιμένος Θεσσαλονίκης διακηρύττει ὅτι ἐκτίθεται εἰς δημοπρασίαν ἡ ἐκποίησις ἐμπορευμάτων τὰ ὁποῖα εὑρίσκονται εἰς τὰς ἀποθήκας τῆς Ἐλευθέρας Ζώνης. 1) 35 αὐτοκίνητα ἐπιβατηγά. 2) 25 αὐτοκίνητα φορτηγά. 3) Διάφορα ἀνταλλακτικά. 4) 15 ψυγεία ἠλεκτρικά.

Ὁ Διευθυντὴς Α. ΠΛΑΣΤΑΣ

ΕΚΠΟΙΗΣΙΣ ΑΣΤΙΚΩΝ ΕΜΠΟΡΕΥΜΑΤΩΝ. Ἡ Ἐπιτροπὴ Ζώνης καὶ Λιμένος Θεσσαλονίκης διακηρύττει ὅτι ἐκτίθεται εἰς δημοπρασίαν ἡ ἐκποίησις ἐμπορευμάτων τὰ ὁποῖα εὑρίσκονται εἰς τὰς ἀποθήκας τῆς Ἐλευθέρας Ζώνης. 1) 35 αὐτοκίνητα ἐπιβατηγά. 2) 25 αὐτοκίνητα φορτηγά. 3) Διάφορα ἀνταλλακτικά. 4) 15 ψυγεία ἠλεκτρικά.

10) 3 τεμάχια. 11) Τεμάχια 12. 12) Τεμάχια 60. 13) Τεμάχια 86. 14) 1.000 κιλά. 15) 3.000 κιλά. 16) Τεμάχια 24. 17) 100 κιλά. 18) 20 κιβώτια.

ΚΑΘΑΡΙΣΙΣ ΑΕΝΤΩΝ ΚΑΙ ΚΑΠΝΟΔΟΧΩΝ

Ἡ ἐφορεία ἀνακοινοῖ ὅτι ἡ καθαριότης τῶν καπνοδόχων ἐνεργεῖται ὑπὸ ἀδειούχων τεχνιτῶν. Τηλ. 24.512.

Ἡ ΔΙΕΥΘΥΝΣΙΣ
ΠΡΟΓΡΑΜΜΑ ΑΝΑΓΚΑΣΤΙΚΟΥ ΠΛΕΙΣΤΗΡΙΑΣΜΟΥ ΚΙΝΗΤΩΝ
τῆς ὀφειλέτιδος τοῦ Ι.Κ.Α. Ε.Μ.Ε.Α. Ἑταιρεία Μεταφορῶν καὶ Ἐμπορίου οδός Βενιζέλου ἀρθ. 5 διὰ Α.Μ. 295

Ἡ ὑπογραφομένη δικαστικὴ ἐπιμελήτρια ἐκθέτω εἰς δημόσιον πλειστηριασμὸν τὰ κατασχεθέντα κινητὰ. Ἡ προσφορὰ θὰ ἀρχίσῃ ἀπὸ τοῦ ποσοῦ τῶν δραχμῶν 23.000.

Ἡ Δικαστικὴ Ἐπιμελήτρια ΧΡΥΣΗ ΖΑΧΑΡΙΑΔΗ
Κύριοι, κυρίες καὶ δίδες θὰ βροῦν ἐξαιρετικὸν εὐκαιρίαν σταδιοδρομίας εἰς τὴν παγκοσμίως γνωστὴν ἑταιρίαν μας, «ΣΑΧΤΟΝ». Ἀπαραίτητος ὅρος: νὰ εἶσθε ἀπόφοιτοι γυμνασίου (Λυκείου). Παρουσιασθεῖτε ὀνομαστικῶς εἰς τὸν κ. A. J. MALL, ξενοδοχεῖον «ΒΙΚΤΩΡΙΑ», Λαγκαδᾶ 13 (πλησίον πλατείας Μεταξᾶ) ΜΟΝΟΝ σήμερον 10 Σεπτεμβρίου ἀπὸ 4.00 ἕως 7.00 μ.μ.
ΕΛΛΗΝΟΓΑΛΛΙΚΟΝ ΚΟΛΛΕΓΙΟΝ
ΔΕΛΑΣΑΛ
ΦΡΑΓΚΩΝ 10 — ΤΗΛΕΦ. 77.505
ΘΕΣΣΑΛΟΝΙΚΗ
ΓΥΜΝΑΣΙΟΝ ΛΥΚΕΙΟΝ ΚΑΙ ΤΜΗΜΑΤΑ ΓΑΛΛΙΚΗΣ ΓΛΩΣΣΗΣ

Γίνονται δεκτοὶ ἀσχέτως θρησκεύματος μαθηταὶ πάσης ἡλικίας. Αἱ ἐγγραφαὶ ἄρχονται τὴν 1ην Σεπτεμβρίου. Τὰ μαθήματα ἀρχίζουν τὴν 15ην Σεπτεμβρίου. Ἐγγραφαὶ καθημερινῶς 9—12 π.μ. καὶ 5—7 μ.μ.

ΕΘΝΙΚΟΝ ΙΝΣΤΙΤΟΥΤΟΝ ΕΡΕΥΝΩΝ
ΠΡΟΣΦΟΡΑ ΕΡΓΑΣΙΑΣ
ΓΙΑ ΚΥΡΙΕΣ
Ή ΔΕΣΠΟΙΝΙΔΕΣ
ΕΙΣΟΔ.— ἀπὸ 20 ἕως 35 ἐτῶν καὶ μὲ γυμνασιακὴν τουλάχιστον μόρφωσιν
ΘΕΛΕΤΕ:— μιὰ ἐξαιρετικὴ, ἱκανοποιητικὴ καὶ καλὰ ἀμειβομένη ἐργασία εἰς ὅλους τοὺς νομοὺς τῆς Βορείου Ἑλλάδος
ΕΧΟΥΜΕ:— ἔνα ἐξαιρετικὸ προϊὸν γιὰ σᾶς καὶ ἐγγυημένο εἰσόδημα
ΣΑΣ ΠΕΡΙΜΕΝΟΥΜΕ τὴν ΔΕΥΤΕΡΑ 11 τρέχοντος στὰ γραφεῖα τῆς ἑταιρίας ΟΛΥΜΠΙΑ, Ροζαλίνα 37 (πλησίον Μητροπόλεως) ἀπὸ ὥρα 8—2.30 μ.μ. καὶ 7—9 μ.μ.
ΜΙΑ ΚΑΤΑΠΛΗΚΤΙΚΗ ΣΤΑΔΙΟΔΡΟΜΙΑ
ΣΧΟΛΗ ΤΕΧΝΙΚΩΝ ΤΗΛΕΟΡΑΣΕΩΣ (Ελ. Σπουδῶν)
Ο «ΛΕΥΚΙΠΠΟΣ»
Εὐρυσθένους καὶ Γρηγορίου Ε' ΧΑΡΙΛΑΟΥ. Τηλ. 44—495 ΔΕΚΤΟΙ ΠΡΟΣ ΦΟΙΤΗΣΙΝ: Ραδιοτεχνῖται — Ραδιοτηλεγραφηταὶ — Ἐργ. Ἠλεκτρολόγοι — Ἠλεκτροτεχνῖται — Ἀπόφοιτοι Λυκείου — Ἀπόφοιτοι Γυμνασίου.—
ΤΑ ΕΠΙΠΛΑ ΣΑΣ...ΤΑ ΕΠΙΠΛΑ ΣΑΣ...ΤΑ ΕΠΙΠΛΑ ΣΑΣ...
Στὸ ἑξῆς θὰ κατασκευάζωνται ἀπὸ ἕνα νέο ὑπέροχο προϊὸν πολυτίμου ξυλείας, ἀφάνταστα ὡραῖο, ποὺ θὰ καθιερωθῇ στὸ μοντέρνο ἔπιπλο.—
ΑΝΑΜΕΝΑΤΕ ΟΛΙΓΑΣ ΗΜΕΡΑΣ.
